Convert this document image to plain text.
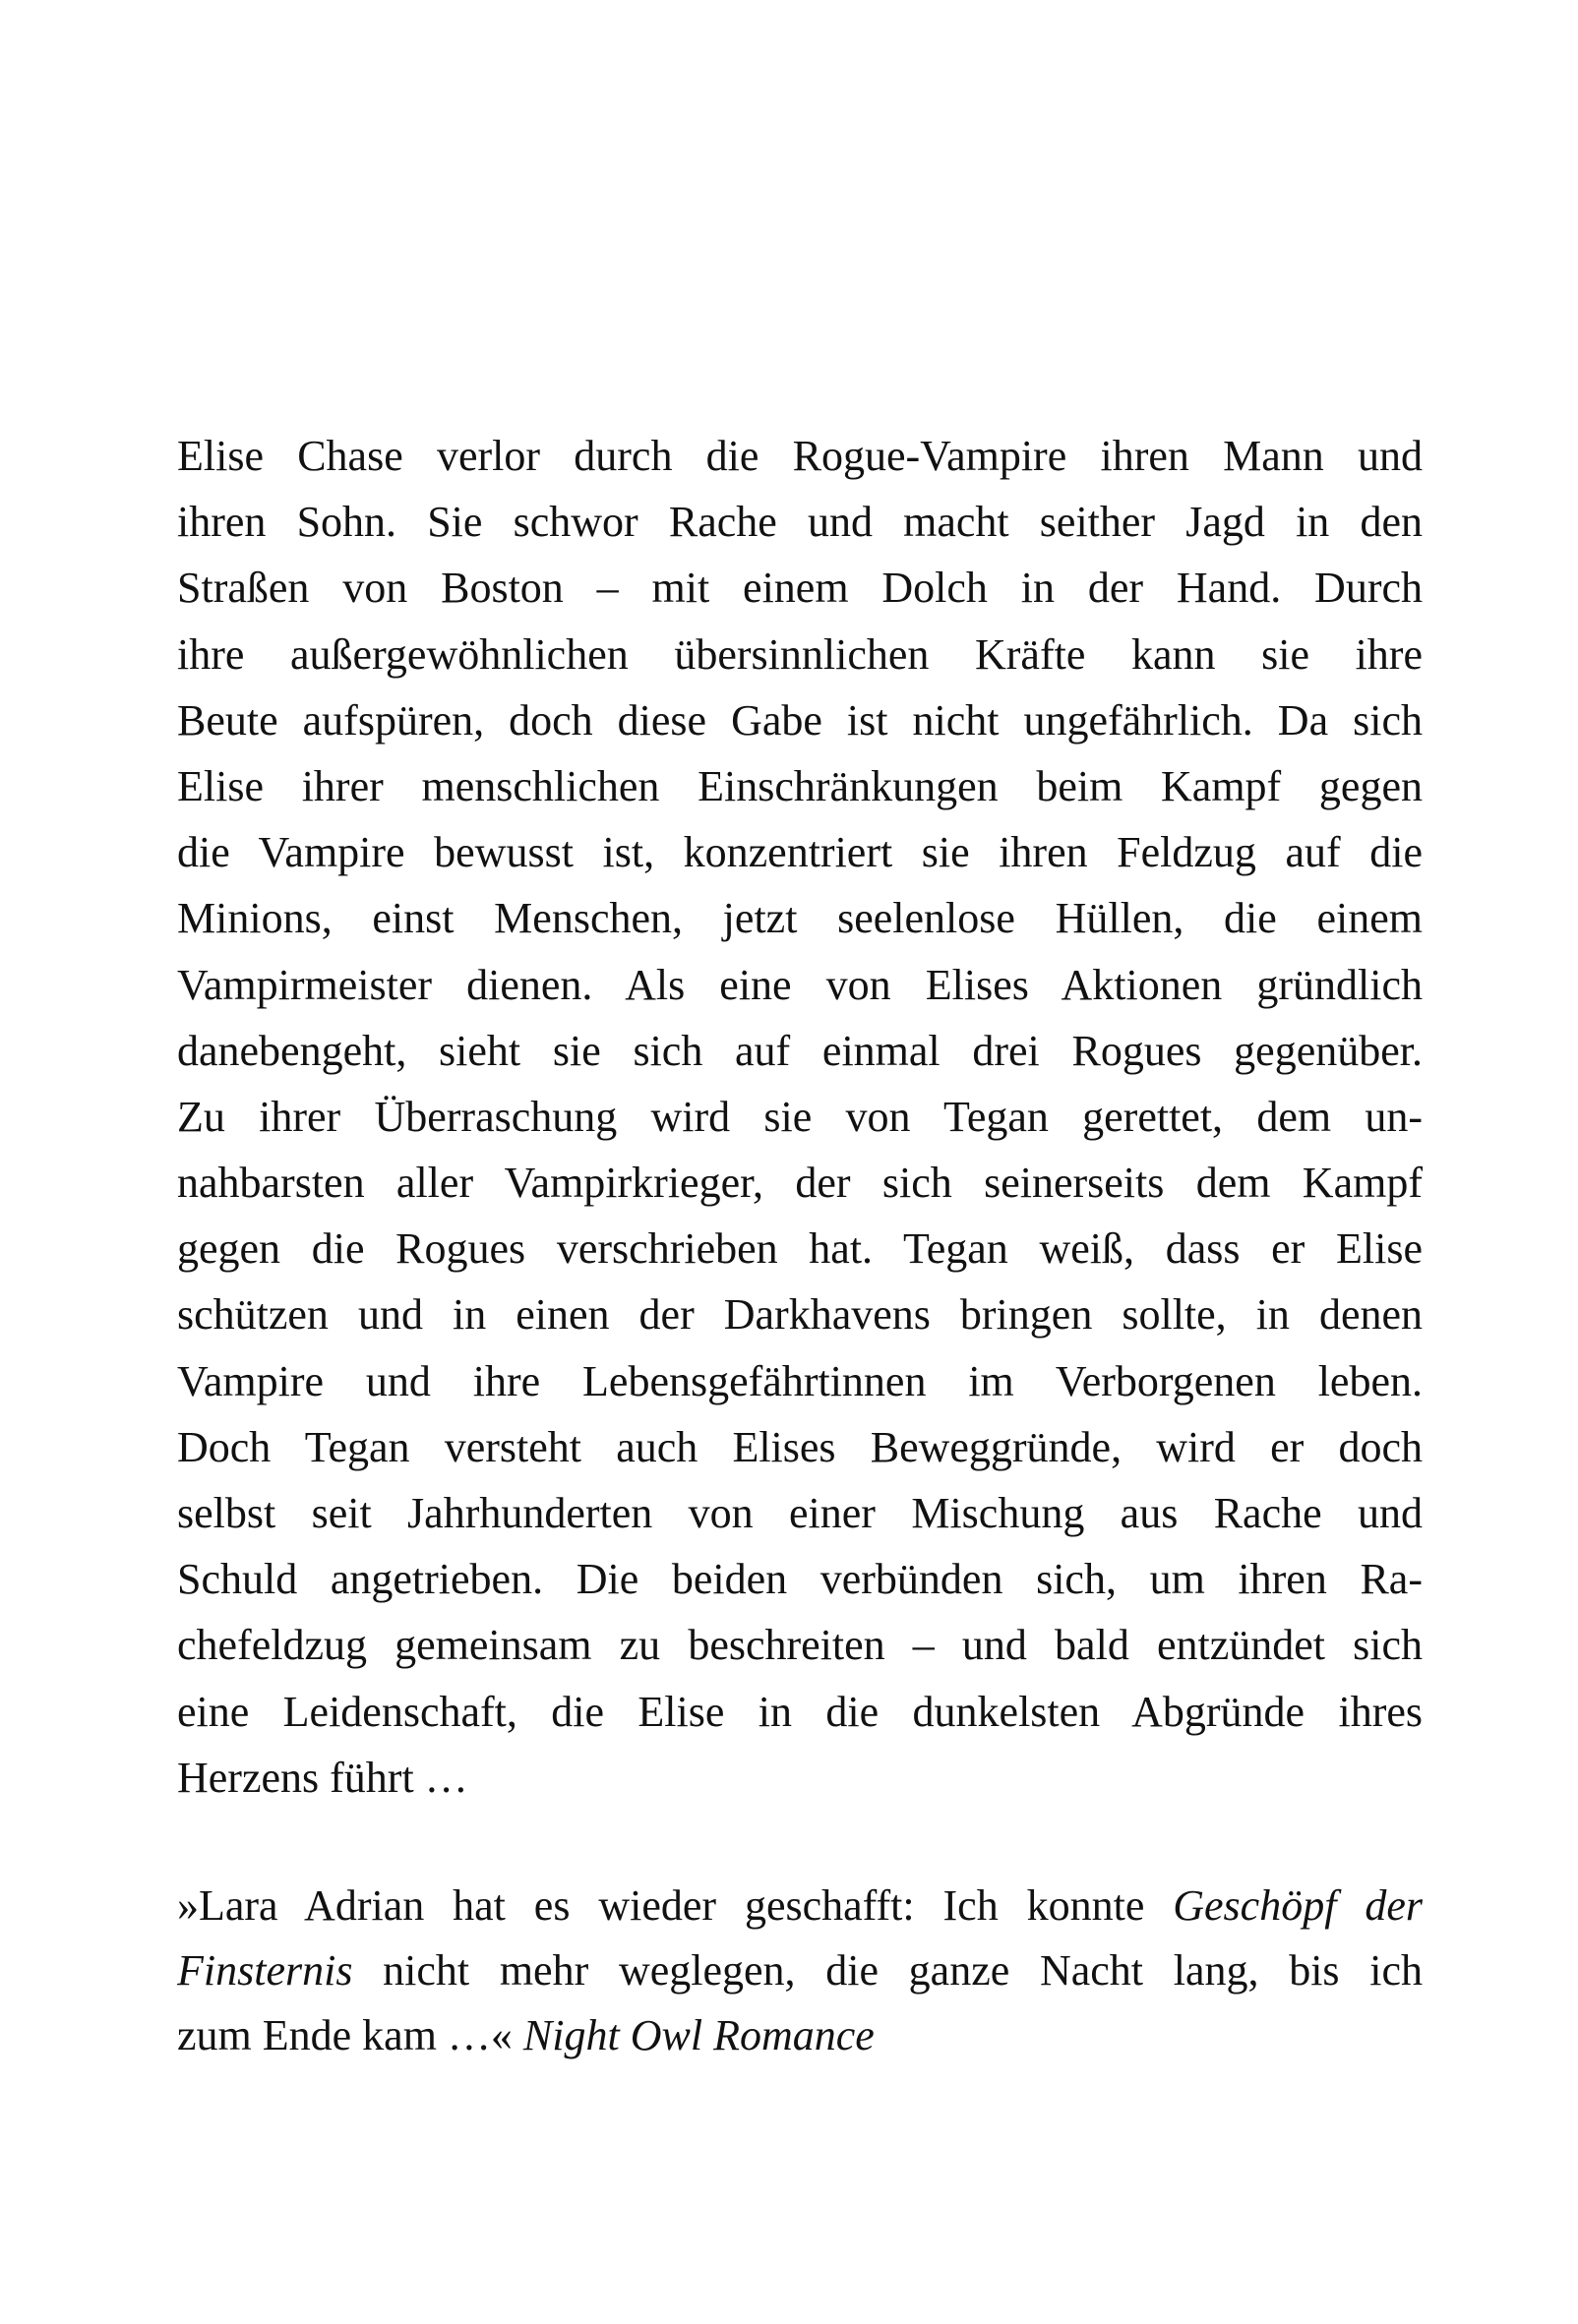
Elise Chase verlor durch die Rogue-Vampire ihren Mann und
ihren Sohn. Sie schwor Rache und macht seither Jagd in den
Straßen von Boston – mit einem Dolch in der Hand. Durch
ihre außergewöhnlichen übersinnlichen Kräfte kann sie ihre
Beute aufspüren, doch diese Gabe ist nicht ungefährlich. Da sich
Elise ihrer menschlichen Einschränkungen beim Kampf gegen
die Vampire bewusst ist, konzentriert sie ihren Feldzug auf die
Minions, einst Menschen, jetzt seelenlose Hüllen, die einem
Vampirmeister dienen. Als eine von Elises Aktionen gründlich
danebengeht, sieht sie sich auf einmal drei Rogues gegenüber.
Zu ihrer Überraschung wird sie von Tegan gerettet, dem un-
nahbarsten aller Vampirkrieger, der sich seinerseits dem Kampf
gegen die Rogues verschrieben hat. Tegan weiß, dass er Elise
schützen und in einen der Darkhavens bringen sollte, in denen
Vampire und ihre Lebensgefährtinnen im Verborgenen leben.
Doch Tegan versteht auch Elises Beweggründe, wird er doch
selbst seit Jahrhunderten von einer Mischung aus Rache und
Schuld angetrieben. Die beiden verbünden sich, um ihren Ra-
chefeldzug gemeinsam zu beschreiten – und bald entzündet sich
eine Leidenschaft, die Elise in die dunkelsten Abgründe ihres
Herzens führt …
»Lara Adrian hat es wieder geschafft: Ich konnte Geschöpf der
Finsternis nicht mehr weglegen, die ganze Nacht lang, bis ich
zum Ende kam …« Night Owl Romance
